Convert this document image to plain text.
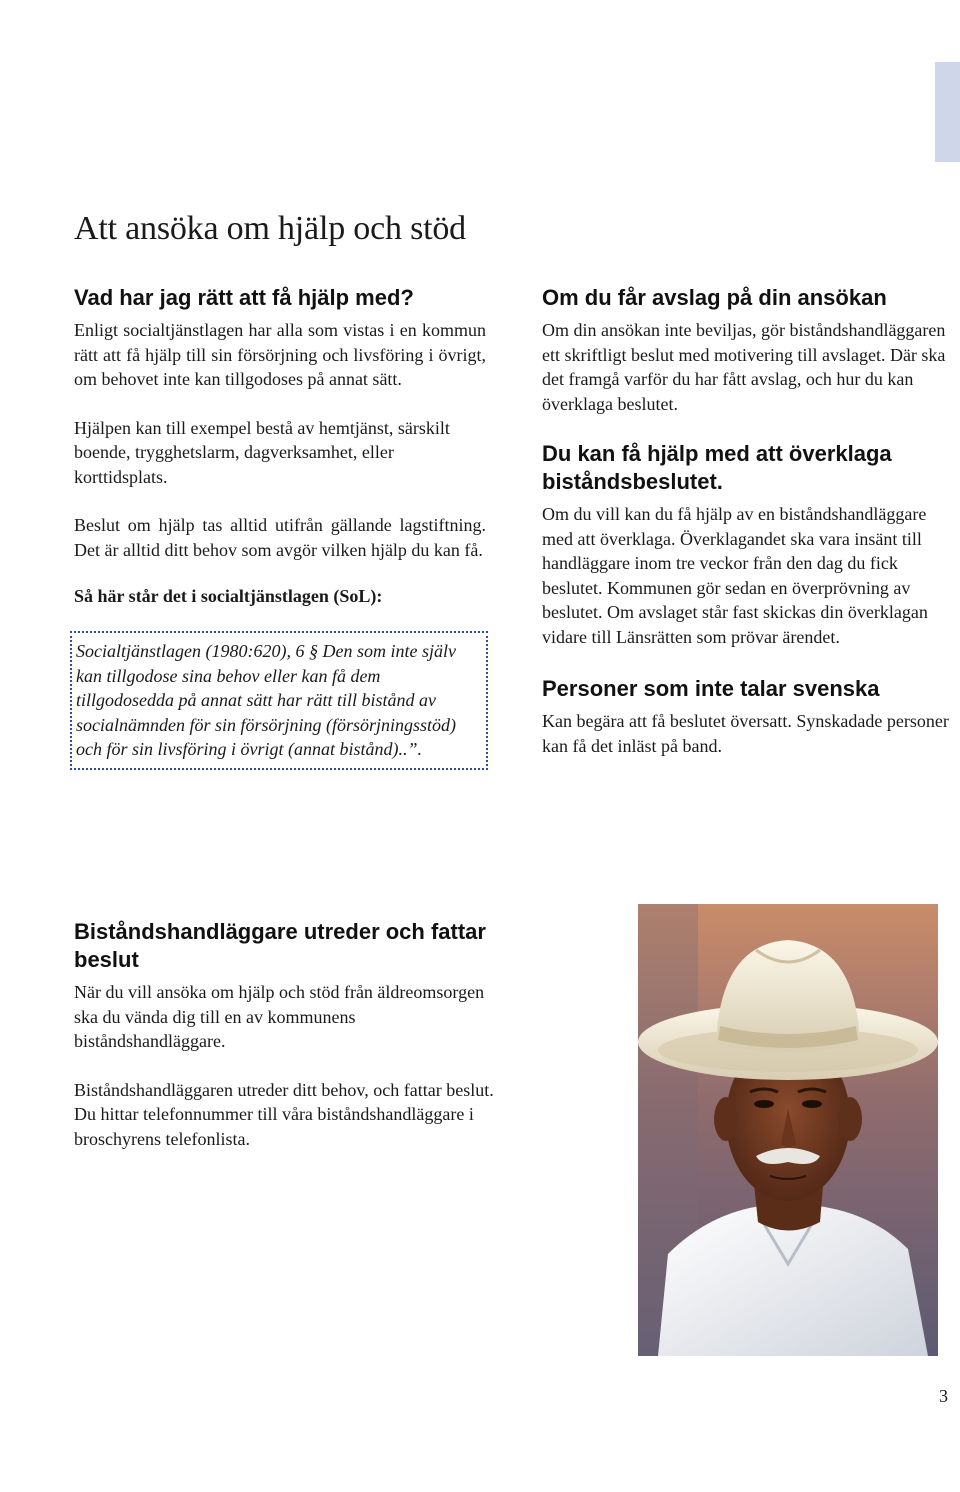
Att ansöka om hjälp och stöd
Vad har jag rätt att få hjälp med?

Enligt socialtjänstlagen har alla som vistas i en kommun rätt att få hjälp till sin försörjning och livsföring i övrigt, om behovet inte kan tillgodoses på annat sätt.

Hjälpen kan till exempel bestå av hemtjänst, särskilt boende, trygghetslarm, dagverksamhet, eller korttidsplats.

Beslut om hjälp tas alltid utifrån gällande lagstiftning. Det är alltid ditt behov som avgör vilken hjälp du kan få.

Så här står det i socialtjänstlagen (SoL):
Socialtjänstlagen (1980:620), 6 § Den som inte själv kan tillgodose sina behov eller kan få dem tillgodosedda på annat sätt har rätt till bistånd av socialnämnden för sin försörjning (försörjningsstöd) och för sin livsföring i övrigt (annat bistånd)..”.
Om du får avslag på din ansökan

Om din ansökan inte beviljas, gör biståndshandläggaren ett skriftligt beslut med motivering till avslaget. Där ska det framgå varför du har fått avslag, och hur du kan överklaga beslutet.

Du kan få hjälp med att överklaga biståndsbeslutet.

Om du vill kan du få hjälp av en biståndshandläggare med att överklaga. Överklagandet ska vara insänt till handläggare inom tre veckor från den dag du fick beslutet. Kommunen gör sedan en överprövning av beslutet. Om avslaget står fast skickas din överklagan vidare till Länsrätten som prövar ärendet.

Personer som inte talar svenska

Kan begära att få beslutet översatt. Synskadade personer kan få det inläst på band.

Biståndshandläggare utreder och fattar beslut

När du vill ansöka om hjälp och stöd från äldreomsorgen ska du vända dig till en av kommunens biståndshandläggare.

Biståndshandläggaren utreder ditt behov, och fattar beslut. Du hittar telefonnummer till våra biståndshandläggare i broschyrens telefonlista.

3
